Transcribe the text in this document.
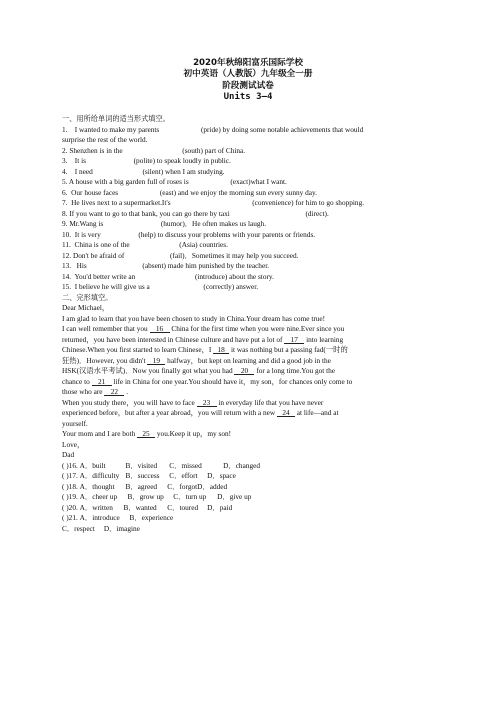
2020年秋绵阳富乐国际学校
初中英语（人教版）九年级全一册
阶段测试试卷
Units 3—4
一、用所给单词的适当形式填空。
1. I wanted to make my parents	(pride) by doing some notable achievements that would
surprise the rest of the world.
2. Shenzhen is in the	(south) part of China.
3. It is	(polite) to speak loudly in public.
4. I need	(silent) when I am studying.
5. A house with a big garden full of roses is	(exact)what I want.
6. Our house faces	(east) and we enjoy the morning sun every sunny day.
7. He lives next to a supermarket.It's	(convenience) for him to go shopping.
8. If you want to go to that bank, you can go there by taxi	(direct).
9. Mr.Wang is	(humor)．He often makes us laugh.
10. It is very	(help) to discuss your problems with your parents or friends.
11. China is one of the	(Asia) countries.
12. Don't be afraid of	(fail)．Sometimes it may help you succeed.
13. His	(absent) made him punished by the teacher.
14. You'd better write an	(introduce) about the story.
15. I believe he will give us a	(correctly) answer.
二、完形填空。
Dear Michael，
I am glad to learn that you have been chosen to study in China.Your dream has come true!
I can well remember that you 16 China for the first time when you were nine.Ever since you
returned，you have been interested in Chinese culture and have put a lot of 17 into learning
Chinese.When you first started to learn Chinese，I 18 it was nothing but a passing fad(一时的
狂热)．However, you didn't 19 halfway，but kept on learning and did a good job in the
HSK(汉语水平考试)．Now you finally got what you had 20 for a long time.You got the
chance to 21 life in China for one year.You should have it，my son，for chances only come to
those who are 22 .
When you study there，you will have to face 23 in everyday life that you have never
experienced before，but after a year abroad，you will return with a new 24 at life—and at
yourself.
Your mom and I are both 25 you.Keep it up，my son!
Love，
Dad
( )16. A．built	B．visited C．missed	D．changed
( )17. A．difficulty B．success C．effort D．space
( )18. A．thought B．agreed C．forgotD．added
( )19. A．cheer up B．grow up C．turn up D．give up
( )20. A．written B．wanted C．toured D．paid
( )21. A．introduce B．experience
C．respect D．imagine
